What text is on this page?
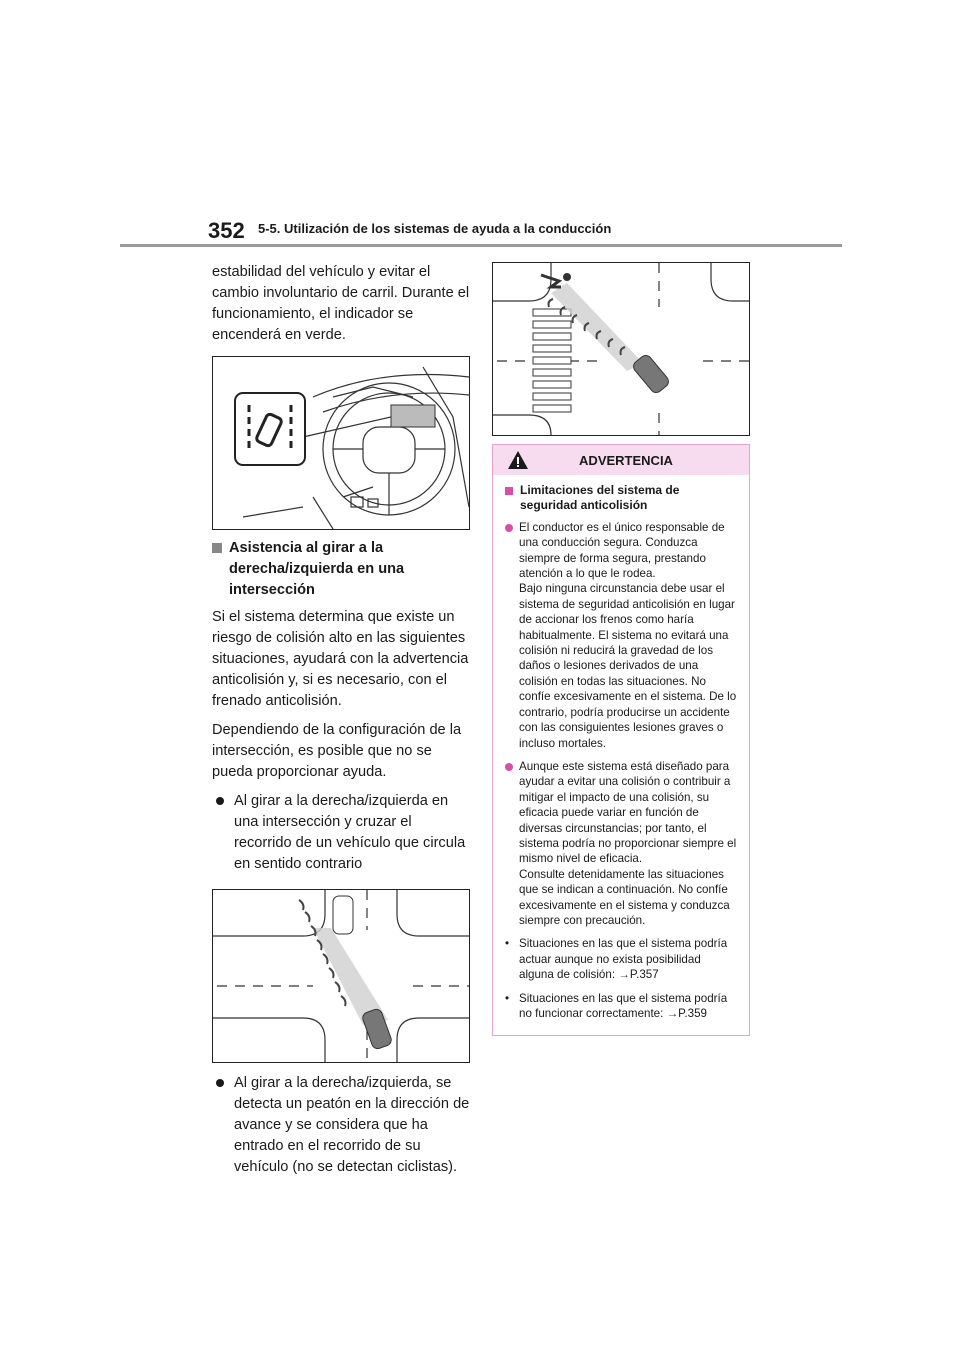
352 5-5. Utilización de los sistemas de ayuda a la conducción

estabilidad del vehículo y evitar el cambio involuntario de carril. Durante el funcionamiento, el indicador se encenderá en verde.

Asistencia al girar a la derecha/izquierda en una intersección

Si el sistema determina que existe un riesgo de colisión alto en las siguientes situaciones, ayudará con la advertencia anticolisión y, si es necesario, con el frenado anticolisión.

Dependiendo de la configuración de la intersección, es posible que no se pueda proporcionar ayuda.

Al girar a la derecha/izquierda en una intersección y cruzar el recorrido de un vehículo que circula en sentido contrario
Al girar a la derecha/izquierda, se detecta un peatón en la dirección de avance y se considera que ha entrado en el recorrido de su vehículo (no se detectan ciclistas).
ADVERTENCIA
Limitaciones del sistema de seguridad anticolisión
El conductor es el único responsable de una conducción segura. Conduzca siempre de forma segura, prestando atención a lo que le rodea.
Bajo ninguna circunstancia debe usar el sistema de seguridad anticolisión en lugar de accionar los frenos como haría habitualmente. El sistema no evitará una colisión ni reducirá la gravedad de los daños o lesiones derivados de una colisión en todas las situaciones. No confíe excesivamente en el sistema. De lo contrario, podría producirse un accidente con las consiguientes lesiones graves o incluso mortales.
Aunque este sistema está diseñado para ayudar a evitar una colisión o contribuir a mitigar el impacto de una colisión, su eficacia puede variar en función de diversas circunstancias; por tanto, el sistema podría no proporcionar siempre el mismo nivel de eficacia.
Consulte detenidamente las situaciones que se indican a continuación. No confíe excesivamente en el sistema y conduzca siempre con precaución.
• Situaciones en las que el sistema podría actuar aunque no exista posibilidad alguna de colisión: →P.357
• Situaciones en las que el sistema podría no funcionar correctamente: →P.359
